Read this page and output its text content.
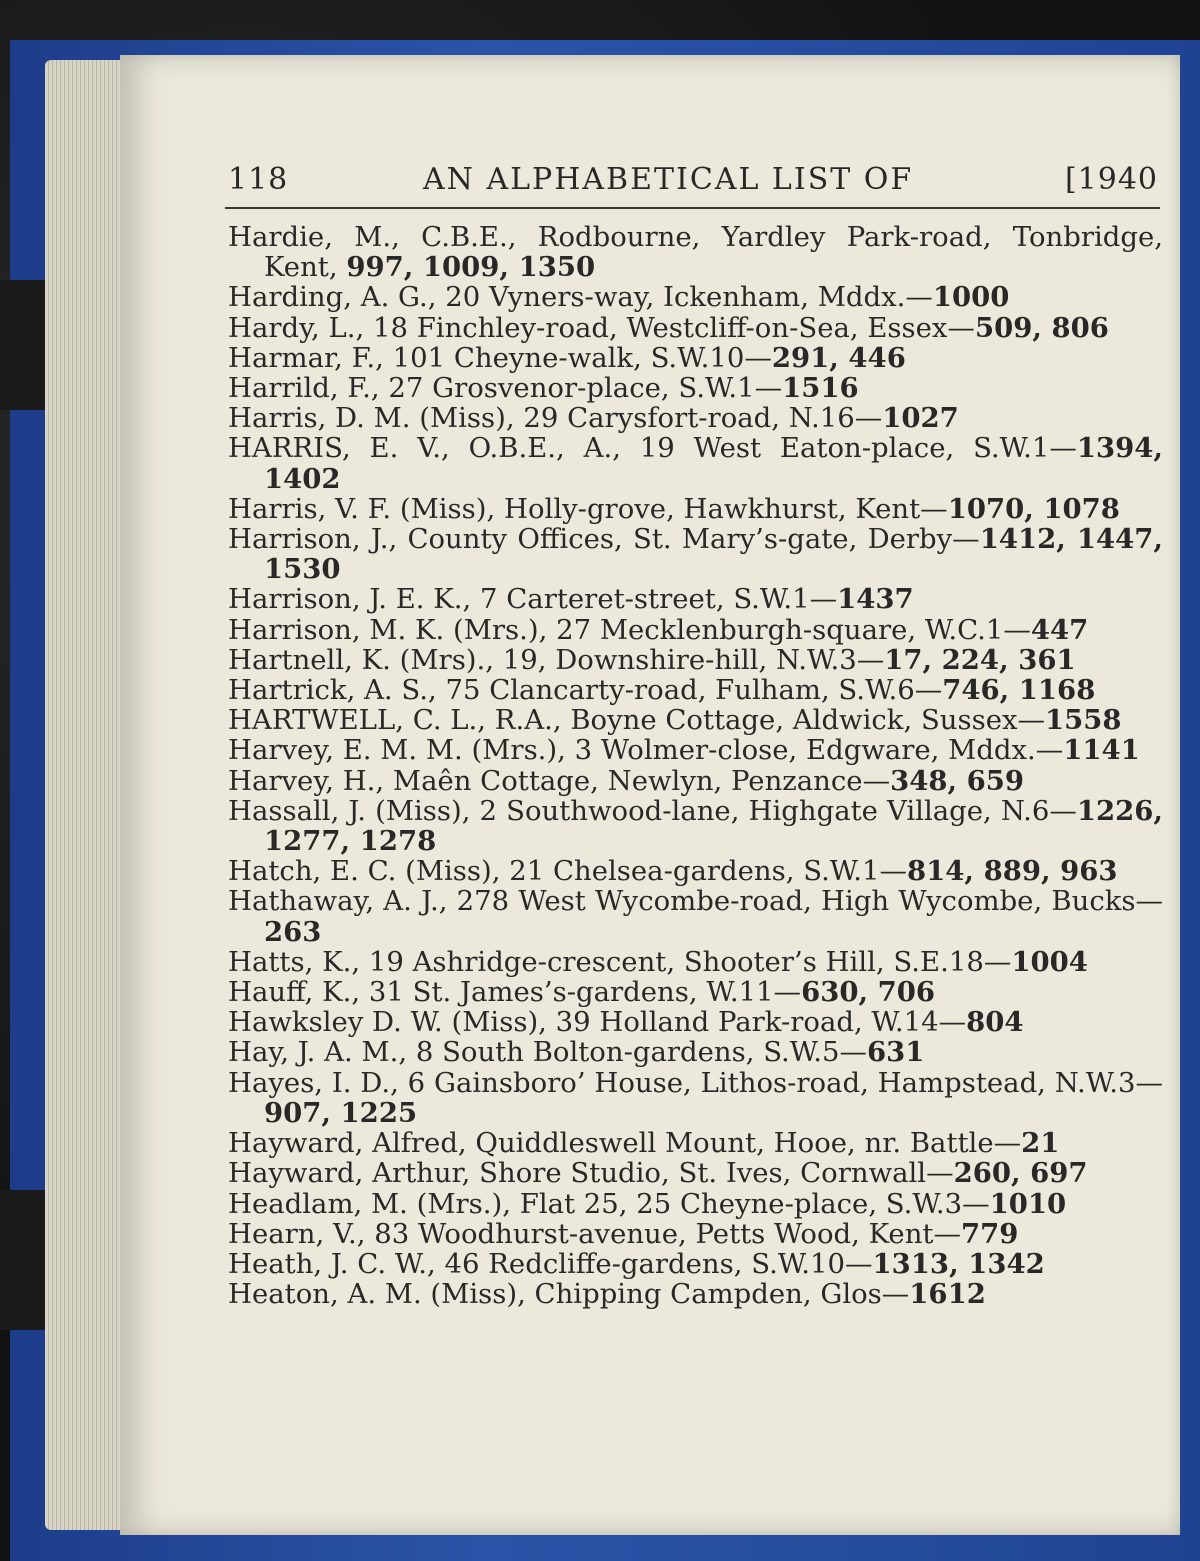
118	AN ALPHABETICAL LIST OF	[1940
Hardie, M., C.B.E., Rodbourne, Yardley Park-road, Tonbridge, Kent, 997, 1009, 1350
Harding, A. G., 20 Vyners-way, Ickenham, Mddx.—1000
Hardy, L., 18 Finchley-road, Westcliff-on-Sea, Essex—509, 806
Harmar, F., 101 Cheyne-walk, S.W.10—291, 446
Harrild, F., 27 Grosvenor-place, S.W.1—1516
Harris, D. M. (Miss), 29 Carysfort-road, N.16—1027
HARRIS, E. V., O.B.E., A., 19 West Eaton-place, S.W.1—1394, 1402
Harris, V. F. (Miss), Holly-grove, Hawkhurst, Kent—1070, 1078
Harrison, J., County Offices, St. Mary’s-gate, Derby—1412, 1447, 1530
Harrison, J. E. K., 7 Carteret-street, S.W.1—1437
Harrison, M. K. (Mrs.), 27 Mecklenburgh-square, W.C.1—447
Hartnell, K. (Mrs)., 19, Downshire-hill, N.W.3—17, 224, 361
Hartrick, A. S., 75 Clancarty-road, Fulham, S.W.6—746, 1168
HARTWELL, C. L., R.A., Boyne Cottage, Aldwick, Sussex—1558
Harvey, E. M. M. (Mrs.), 3 Wolmer-close, Edgware, Mddx.—1141
Harvey, H., Maên Cottage, Newlyn, Penzance—348, 659
Hassall, J. (Miss), 2 Southwood-lane, Highgate Village, N.6—1226, 1277, 1278
Hatch, E. C. (Miss), 21 Chelsea-gardens, S.W.1—814, 889, 963
Hathaway, A. J., 278 West Wycombe-road, High Wycombe, Bucks—263
Hatts, K., 19 Ashridge-crescent, Shooter’s Hill, S.E.18—1004
Hauff, K., 31 St. James’s-gardens, W.11—630, 706
Hawksley D. W. (Miss), 39 Holland Park-road, W.14—804
Hay, J. A. M., 8 South Bolton-gardens, S.W.5—631
Hayes, I. D., 6 Gainsboro’ House, Lithos-road, Hampstead, N.W.3—907, 1225
Hayward, Alfred, Quiddleswell Mount, Hooe, nr. Battle—21
Hayward, Arthur, Shore Studio, St. Ives, Cornwall—260, 697
Headlam, M. (Mrs.), Flat 25, 25 Cheyne-place, S.W.3—1010
Hearn, V., 83 Woodhurst-avenue, Petts Wood, Kent—779
Heath, J. C. W., 46 Redcliffe-gardens, S.W.10—1313, 1342
Heaton, A. M. (Miss), Chipping Campden, Glos—1612
